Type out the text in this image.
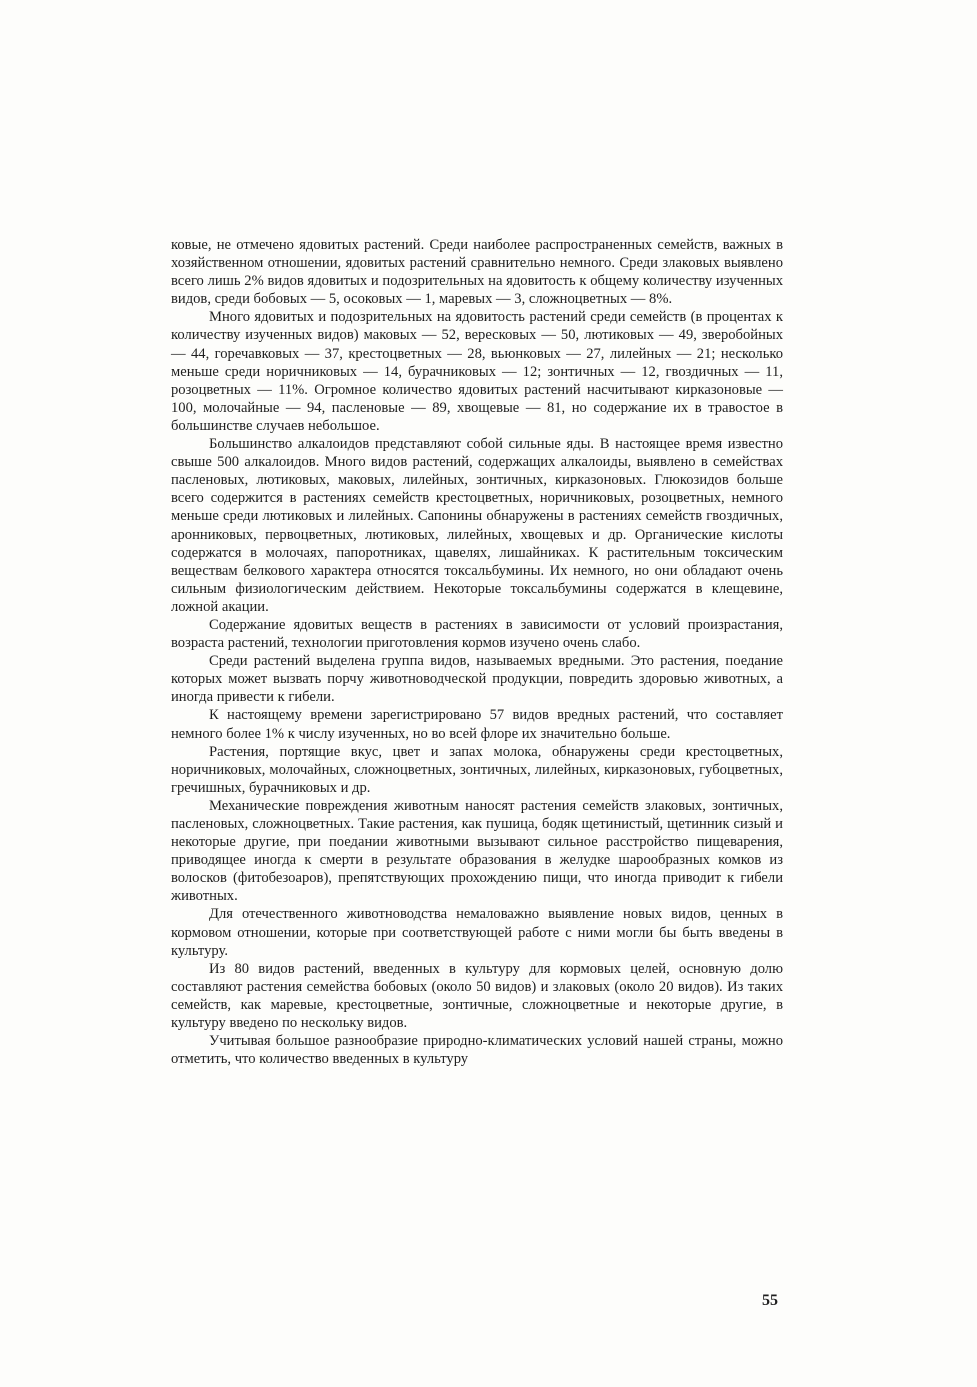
ковые, не отмечено ядовитых растений. Среди наиболее распространенных семейств, важных в хозяйственном отношении, ядовитых растений сравнительно немного. Среди злаковых выявлено всего лишь 2% видов ядовитых и подозрительных на ядовитость к общему количеству изученных видов, среди бобовых — 5, осоковых — 1, маревых — 3, сложноцветных — 8%.

Много ядовитых и подозрительных на ядовитость растений среди семейств (в процентах к количеству изученных видов) маковых — 52, вересковых — 50, лютиковых — 49, зверобойных — 44, горечавковых — 37, крестоцветных — 28, вьюнковых — 27, лилейных — 21; несколько меньше среди норичниковых — 14, бурачниковых — 12; зонтичных — 12, гвоздичных — 11, розоцветных — 11%. Огромное количество ядовитых растений насчитывают кирказоновые — 100, молочайные — 94, пасленовые — 89, хвощевые — 81, но содержание их в травостое в большинстве случаев небольшое.

Большинство алкалоидов представляют собой сильные яды. В настоящее время известно свыше 500 алкалоидов. Много видов растений, содержащих алкалоиды, выявлено в семействах пасленовых, лютиковых, маковых, лилейных, зонтичных, кирказоновых. Глюкозидов больше всего содержится в растениях семейств крестоцветных, норичниковых, розоцветных, немного меньше среди лютиковых и лилейных. Сапонины обнаружены в растениях семейств гвоздичных, аронниковых, первоцветных, лютиковых, лилейных, хвощевых и др. Органические кислоты содержатся в молочаях, папоротниках, щавелях, лишайниках. К растительным токсическим веществам белкового характера относятся токсальбумины. Их немного, но они обладают очень сильным физиологическим действием. Некоторые токсальбумины содержатся в клещевине, ложной акации.

Содержание ядовитых веществ в растениях в зависимости от условий произрастания, возраста растений, технологии приготовления кормов изучено очень слабо.

Среди растений выделена группа видов, называемых вредными. Это растения, поедание которых может вызвать порчу животноводческой продукции, повредить здоровью животных, а иногда привести к гибели.

К настоящему времени зарегистрировано 57 видов вредных растений, что составляет немного более 1% к числу изученных, но во всей флоре их значительно больше.

Растения, портящие вкус, цвет и запах молока, обнаружены среди крестоцветных, норичниковых, молочайных, сложноцветных, зонтичных, лилейных, кирказоновых, губоцветных, гречишных, бурачниковых и др.

Механические повреждения животным наносят растения семейств злаковых, зонтичных, пасленовых, сложноцветных. Такие растения, как пушица, бодяк щетинистый, щетинник сизый и некоторые другие, при поедании животными вызывают сильное расстройство пищеварения, приводящее иногда к смерти в результате образования в желудке шарообразных комков из волосков (фитобезоаров), препятствующих прохождению пищи, что иногда приводит к гибели животных.

Для отечественного животноводства немаловажно выявление новых видов, ценных в кормовом отношении, которые при соответствующей работе с ними могли бы быть введены в культуру.

Из 80 видов растений, введенных в культуру для кормовых целей, основную долю составляют растения семейства бобовых (около 50 видов) и злаковых (около 20 видов). Из таких семейств, как маревые, крестоцветные, зонтичные, сложноцветные и некоторые другие, в культуру введено по нескольку видов.

Учитывая большое разнообразие природно-климатических условий нашей страны, можно отметить, что количество введенных в культуру

55
